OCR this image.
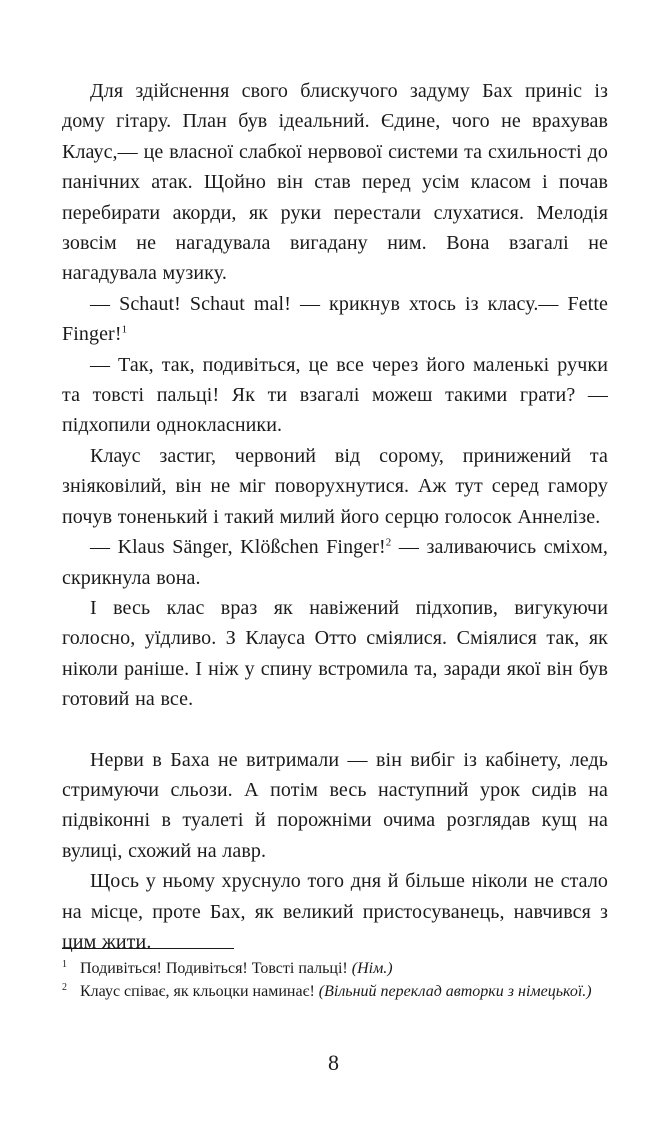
Для здійснення свого блискучого задуму Бах приніс із дому гітару. План був ідеальний. Єдине, чого не врахував Клаус,— це власної слабкої нервової системи та схильності до панічних атак. Щойно він став перед усім класом і почав перебирати акорди, як руки перестали слухатися. Мелодія зовсім не нагадувала вигадану ним. Вона взагалі не нагадувала музику.

— Schaut! Schaut mal! — крикнув хтось із класу.— Fette Finger!$^1$

— Так, так, подивіться, це все через його маленькі ручки та товсті пальці! Як ти взагалі можеш такими грати? — підхопили однокласники.

Клаус застиг, червоний від сорому, принижений та зніяковілий, він не міг поворухнутися. Аж тут серед гамору почув тоненький і такий милий його серцю голосок Аннелізе.

— Klaus Sänger, Klößchen Finger!$^2$ — заливаючись сміхом, скрикнула вона.

І весь клас враз як навіжений підхопив, вигукуючи голосно, уїдливо. З Клауса Отто сміялися. Сміялися так, як ніколи раніше. І ніж у спину встромила та, заради якої він був готовий на все.

Нерви в Баха не витримали — він вибіг із кабінету, ледь стримуючи сльози. А потім весь наступний урок сидів на підвіконні в туалеті й порожніми очима розглядав кущ на вулиці, схожий на лавр.

Щось у ньому хруснуло того дня й більше ніколи не стало на місце, проте Бах, як великий пристосуванець, навчився з цим жити.

1 Подивіться! Подивіться! Товсті пальці! (Нім.)
2 Клаус співає, як кльоцки наминає! (Вільний переклад авторки з німецької.)
8
